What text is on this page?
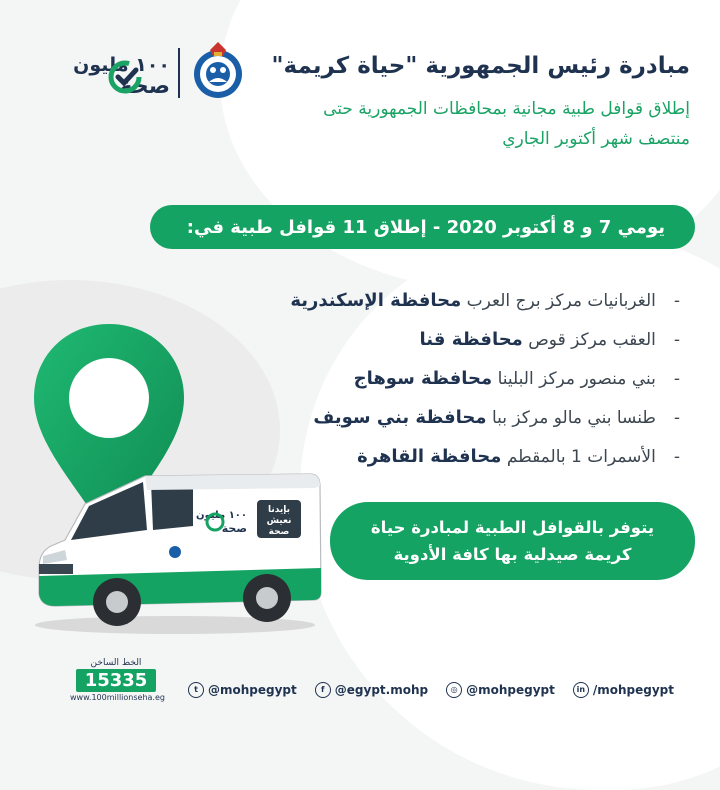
١٠٠ مليون
صحة
مبادرة رئيس الجمهورية "حياة كريمة"
إطلاق قوافل طبية مجانية بمحافظات الجمهورية حتى
منتصف شهر أكتوبر الجاري
يومي 7 و 8 أكتوبر 2020 - إطلاق 11 قوافل طبية في:
-الغربانيات مركز برج العرب محافظة الإسكندرية
-العقب مركز قوص محافظة قنا
-بني منصور مركز البلينا محافظة سوهاج
-طنسا بني مالو مركز ببا محافظة بني سويف
-الأسمرات 1 بالمقطم محافظة القاهرة
١٠٠ مليون
صحة
بإيدنا
نعيش
صحة	يتوفر بالقوافل الطبية لمبادرة حياة
كريمة صيدلية بها كافة الأدوية
الخط الساخن
15335
www.100millionseha.eg
t @mohpegypt	f @egypt.mohp	◎ @mohpegypt	in /mohpegypt
